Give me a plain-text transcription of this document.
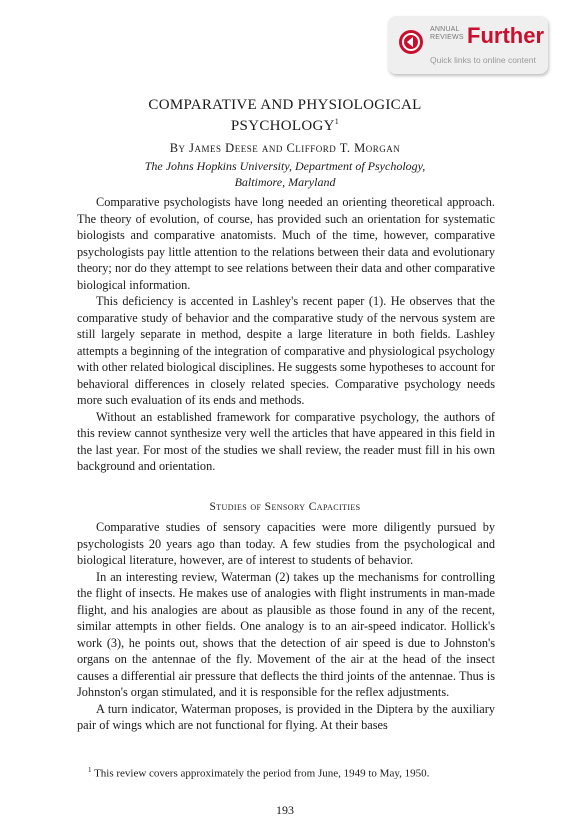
ANNUAL
REVIEWS Further
Quick links to online content
COMPARATIVE AND PHYSIOLOGICAL
PSYCHOLOGY$^1$
By James Deese and Clifford T. Morgan
The Johns Hopkins University, Department of Psychology,
Baltimore, Maryland

Comparative psychologists have long needed an orienting theoretical approach. The theory of evolution, of course, has provided such an orientation for systematic biologists and comparative anatomists. Much of the time, however, comparative psychologists pay little attention to the relations between their data and evolutionary theory; nor do they attempt to see relations between their data and other comparative biological information.

This deficiency is accented in Lashley's recent paper (1). He observes that the comparative study of behavior and the comparative study of the nervous system are still largely separate in method, despite a large literature in both fields. Lashley attempts a beginning of the integration of comparative and physiological psychology with other related biological disciplines. He suggests some hypotheses to account for behavioral differences in closely related species. Comparative psychology needs more such evaluation of its ends and methods.

Without an established framework for comparative psychology, the authors of this review cannot synthesize very well the articles that have appeared in this field in the last year. For most of the studies we shall review, the reader must fill in his own background and orientation.

Studies of Sensory Capacities

Comparative studies of sensory capacities were more diligently pursued by psychologists 20 years ago than today. A few studies from the psychological and biological literature, however, are of interest to students of behavior.

In an interesting review, Waterman (2) takes up the mechanisms for controlling the flight of insects. He makes use of analogies with flight instruments in man-made flight, and his analogies are about as plausible as those found in any of the recent, similar attempts in other fields. One analogy is to an air-speed indicator. Hollick's work (3), he points out, shows that the detection of air speed is due to Johnston's organs on the antennae of the fly. Movement of the air at the head of the insect causes a differential air pressure that deflects the third joints of the antennae. Thus is Johnston's organ stimulated, and it is responsible for the reflex adjustments.

A turn indicator, Waterman proposes, is provided in the Diptera by the auxiliary pair of wings which are not functional for flying. At their bases

$^1$ This review covers approximately the period from June, 1949 to May, 1950.
193
